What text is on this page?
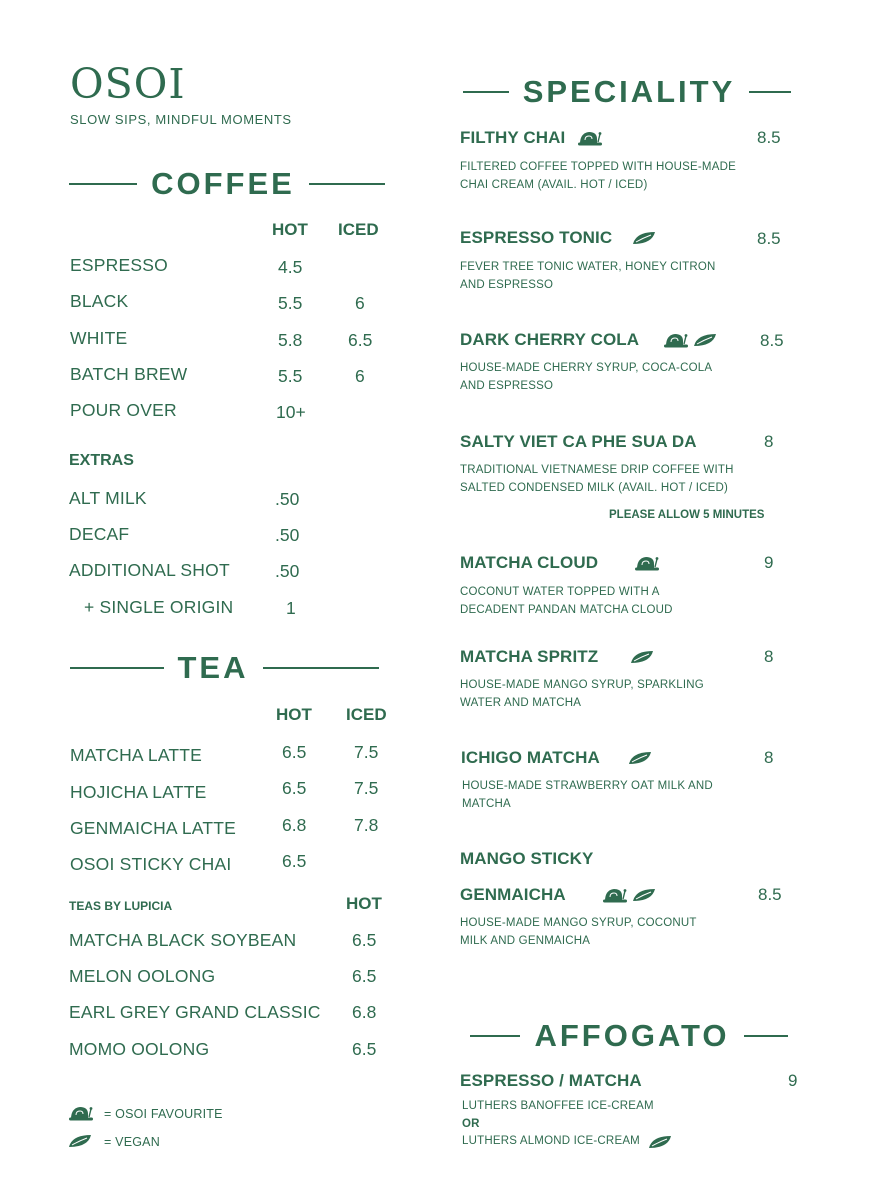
OSOI
SLOW SIPS, MINDFUL MOMENTS
COFFEE
HOT ICED
ESPRESSO	4.5
BLACK	5.5	6
WHITE	5.8	6.5
BATCH BREW	5.5	6
POUR OVER	10+
EXTRAS
ALT MILK	.50
DECAF	.50
ADDITIONAL SHOT	.50
+ SINGLE ORIGIN	1
TEA
HOT ICED
MATCHA LATTE	6.5	7.5
HOJICHA LATTE	6.5	7.5
GENMAICHA LATTE	6.8	7.8
OSOI STICKY CHAI	6.5
TEAS BY LUPICIA	HOT
MATCHA BLACK SOYBEAN	6.5
MELON OOLONG	6.5
EARL GREY GRAND CLASSIC 6.8
MOMO OOLONG	6.5
= OSOI FAVOURITE
= VEGAN
SPECIALITY
FILTHY CHAI	8.5
FILTERED COFFEE TOPPED WITH HOUSE-MADE
CHAI CREAM (AVAIL. HOT / ICED)
ESPRESSO TONIC	8.5
FEVER TREE TONIC WATER, HONEY CITRON
AND ESPRESSO
DARK CHERRY COLA	8.5
HOUSE-MADE CHERRY SYRUP, COCA-COLA
AND ESPRESSO
SALTY VIET CA PHE SUA DA	8
TRADITIONAL VIETNAMESE DRIP COFFEE WITH
SALTED CONDENSED MILK (AVAIL. HOT / ICED)
PLEASE ALLOW 5 MINUTES
MATCHA CLOUD	9
COCONUT WATER TOPPED WITH A
DECADENT PANDAN MATCHA CLOUD
MATCHA SPRITZ	8
HOUSE-MADE MANGO SYRUP, SPARKLING
WATER AND MATCHA
ICHIGO MATCHA	8
HOUSE-MADE STRAWBERRY OAT MILK AND
MATCHA
MANGO STICKY
GENMAICHA	8.5
HOUSE-MADE MANGO SYRUP, COCONUT
MILK AND GENMAICHA
AFFOGATO
ESPRESSO / MATCHA	9
LUTHERS BANOFFEE ICE-CREAM
OR
LUTHERS ALMOND ICE-CREAM
